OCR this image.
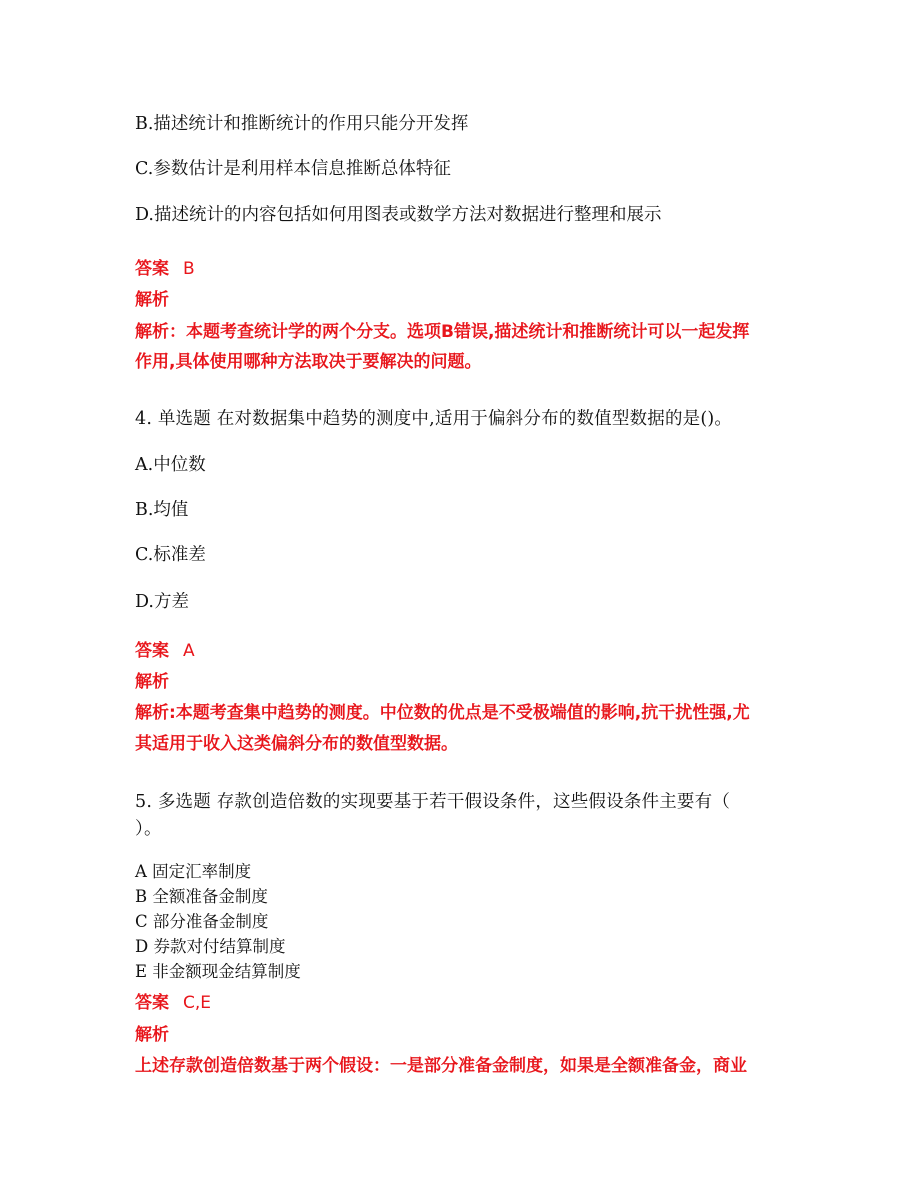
B.描述统计和推断统计的作用只能分开发挥
C.参数估计是利用样本信息推断总体特征
D.描述统计的内容包括如何用图表或数学方法对数据进行整理和展示
答案 B
解析
解析：本题考查统计学的两个分支。选项B错误,描述统计和推断统计可以一起发挥
作用,具体使用哪种方法取决于要解决的问题。
4. 单选题 在对数据集中趋势的测度中,适用于偏斜分布的数值型数据的是()。
A.中位数
B.均值
C.标准差
D.方差
答案 A
解析
解析:本题考查集中趋势的测度。中位数的优点是不受极端值的影响,抗干扰性强,尤
其适用于收入这类偏斜分布的数值型数据。
5. 多选题 存款创造倍数的实现要基于若干假设条件，这些假设条件主要有（
）。
A 固定汇率制度
B 全额准备金制度
C 部分准备金制度
D 券款对付结算制度
E 非金额现金结算制度
答案 C,E
解析
上述存款创造倍数基于两个假设：一是部分准备金制度，如果是全额准备金，商业
